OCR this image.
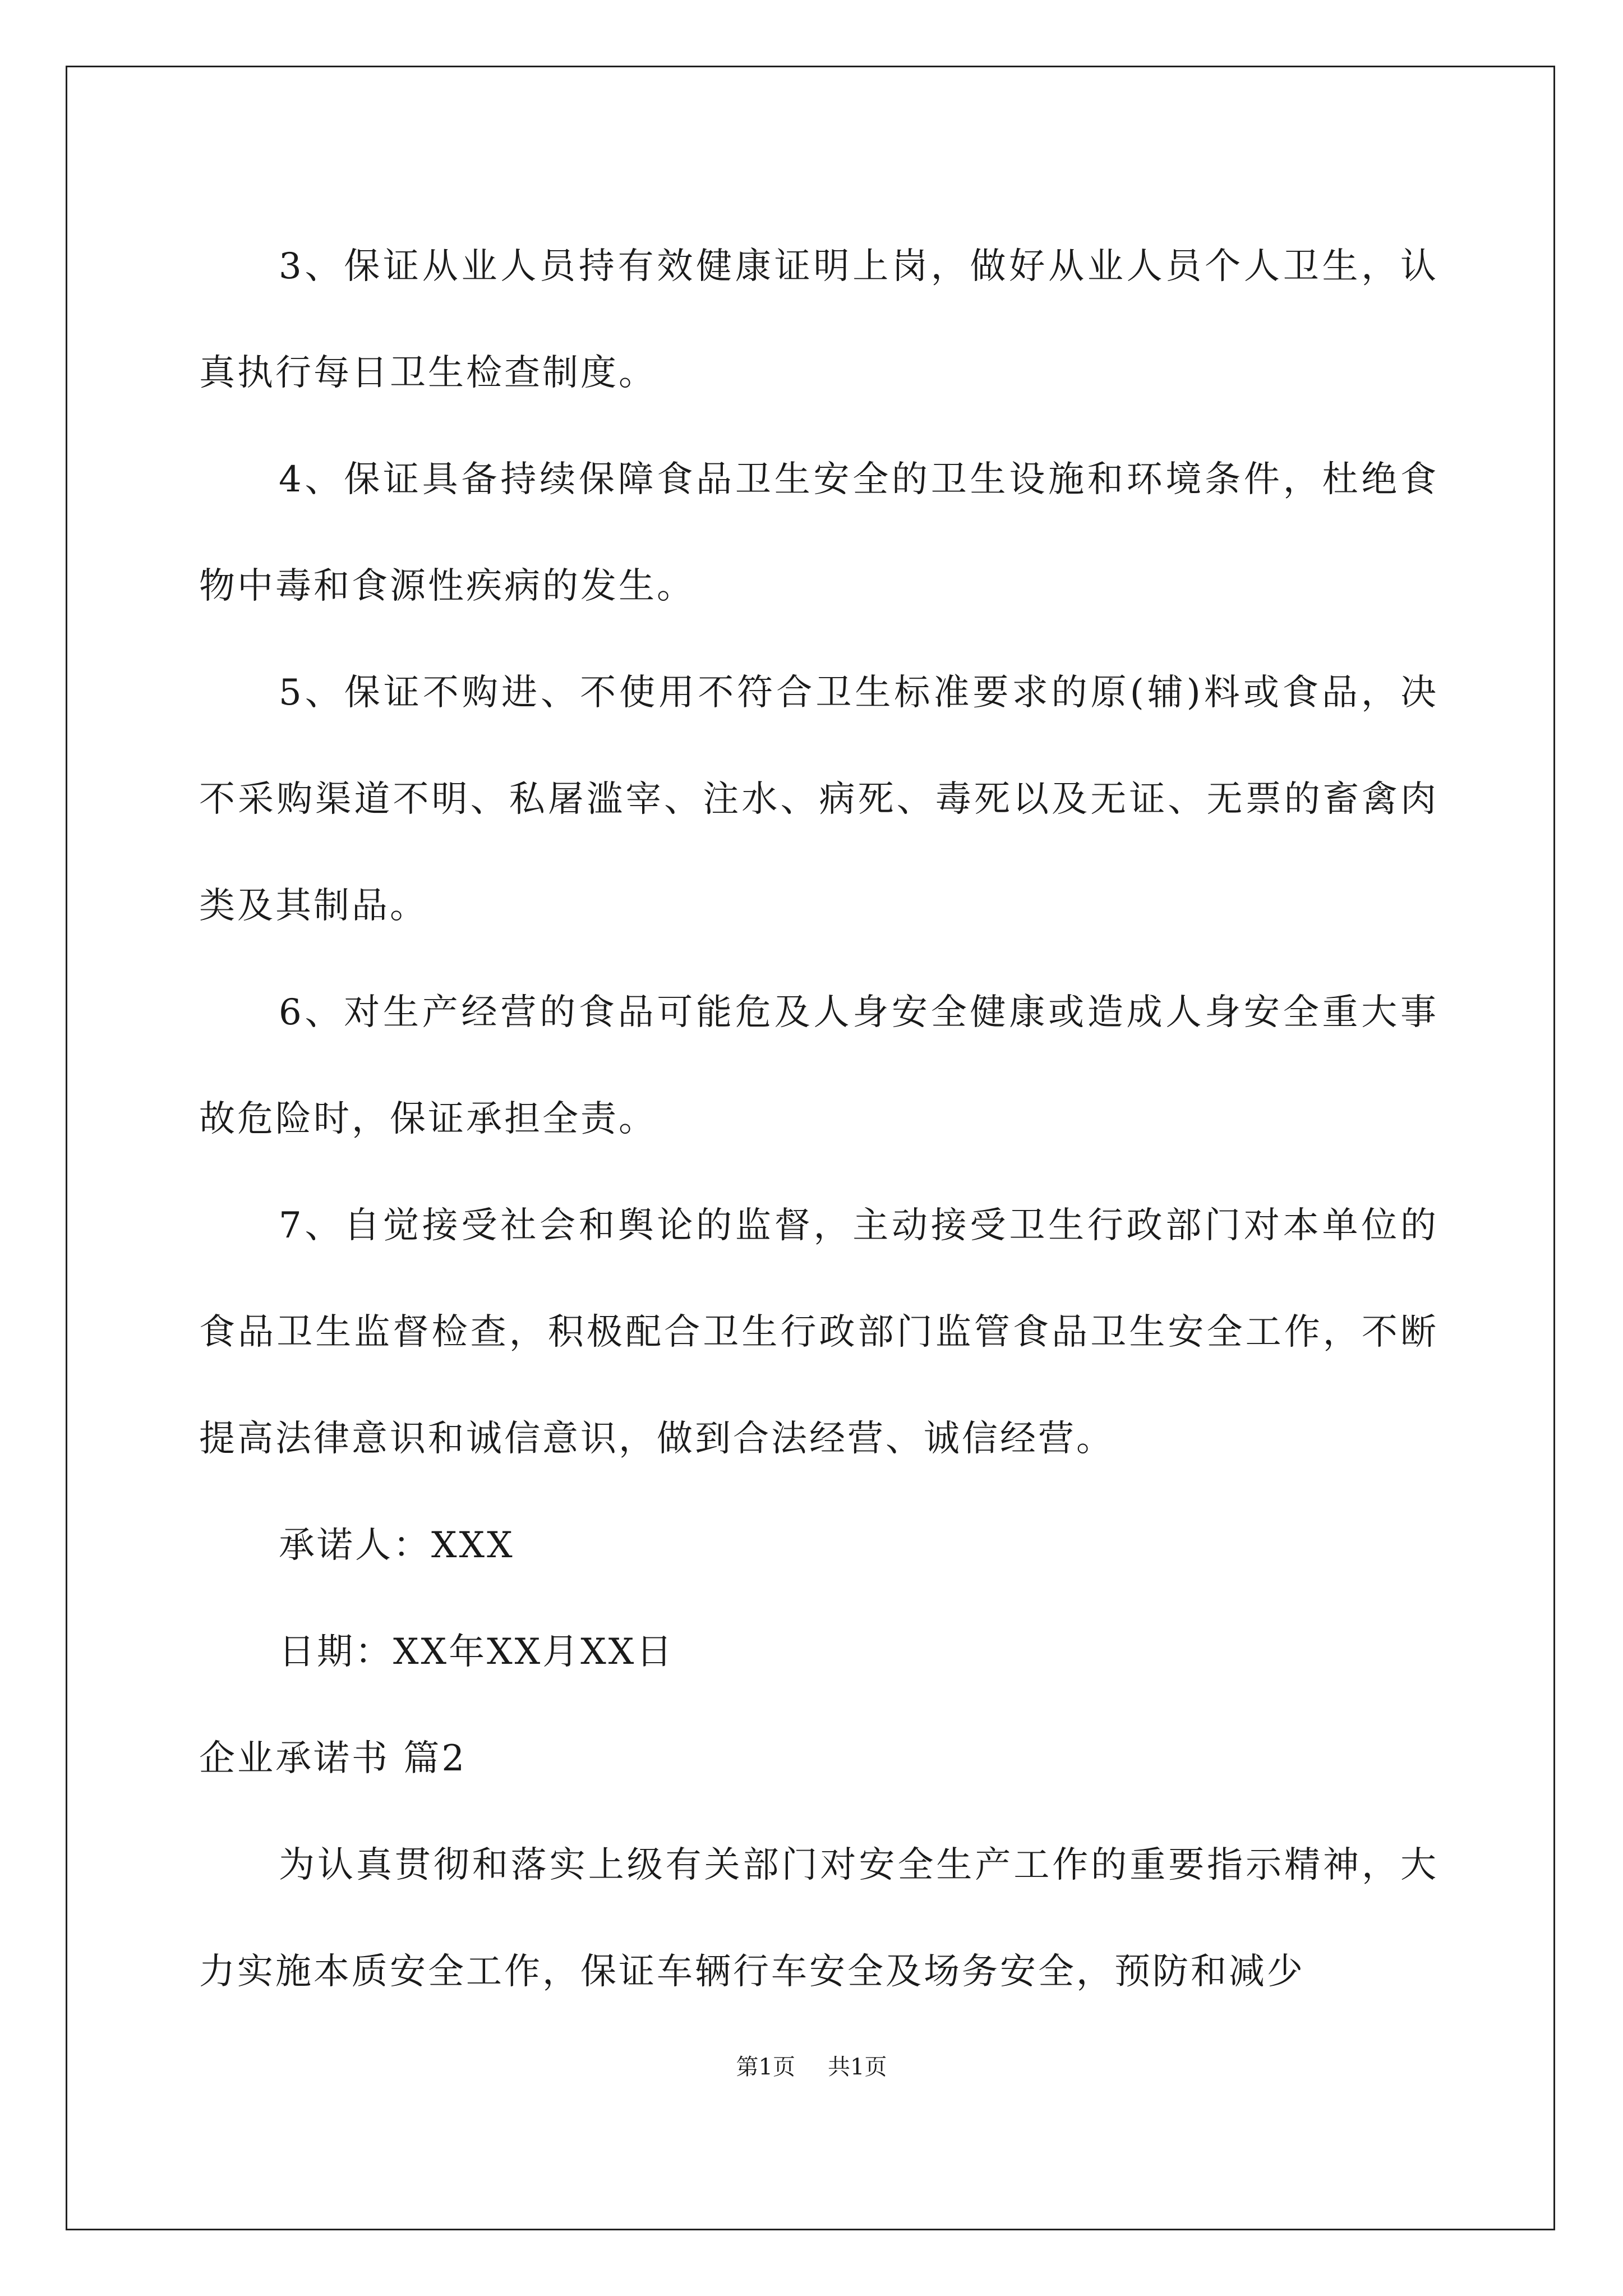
3、保证从业人员持有效健康证明上岗，做好从业人员个人卫生，认真执行每日卫生检查制度。

4、保证具备持续保障食品卫生安全的卫生设施和环境条件，杜绝食物中毒和食源性疾病的发生。

5、保证不购进、不使用不符合卫生标准要求的原(辅)料或食品，决不采购渠道不明、私屠滥宰、注水、病死、毒死以及无证、无票的畜禽肉类及其制品。

6、对生产经营的食品可能危及人身安全健康或造成人身安全重大事故危险时，保证承担全责。

7、自觉接受社会和舆论的监督，主动接受卫生行政部门对本单位的食品卫生监督检查，积极配合卫生行政部门监管食品卫生安全工作，不断提高法律意识和诚信意识，做到合法经营、诚信经营。

承诺人：XXX

日期：XX年XX月XX日

企业承诺书 篇2

为认真贯彻和落实上级有关部门对安全生产工作的重要指示精神，大力实施本质安全工作，保证车辆行车安全及场务安全，预防和减少

第1页 共1页
